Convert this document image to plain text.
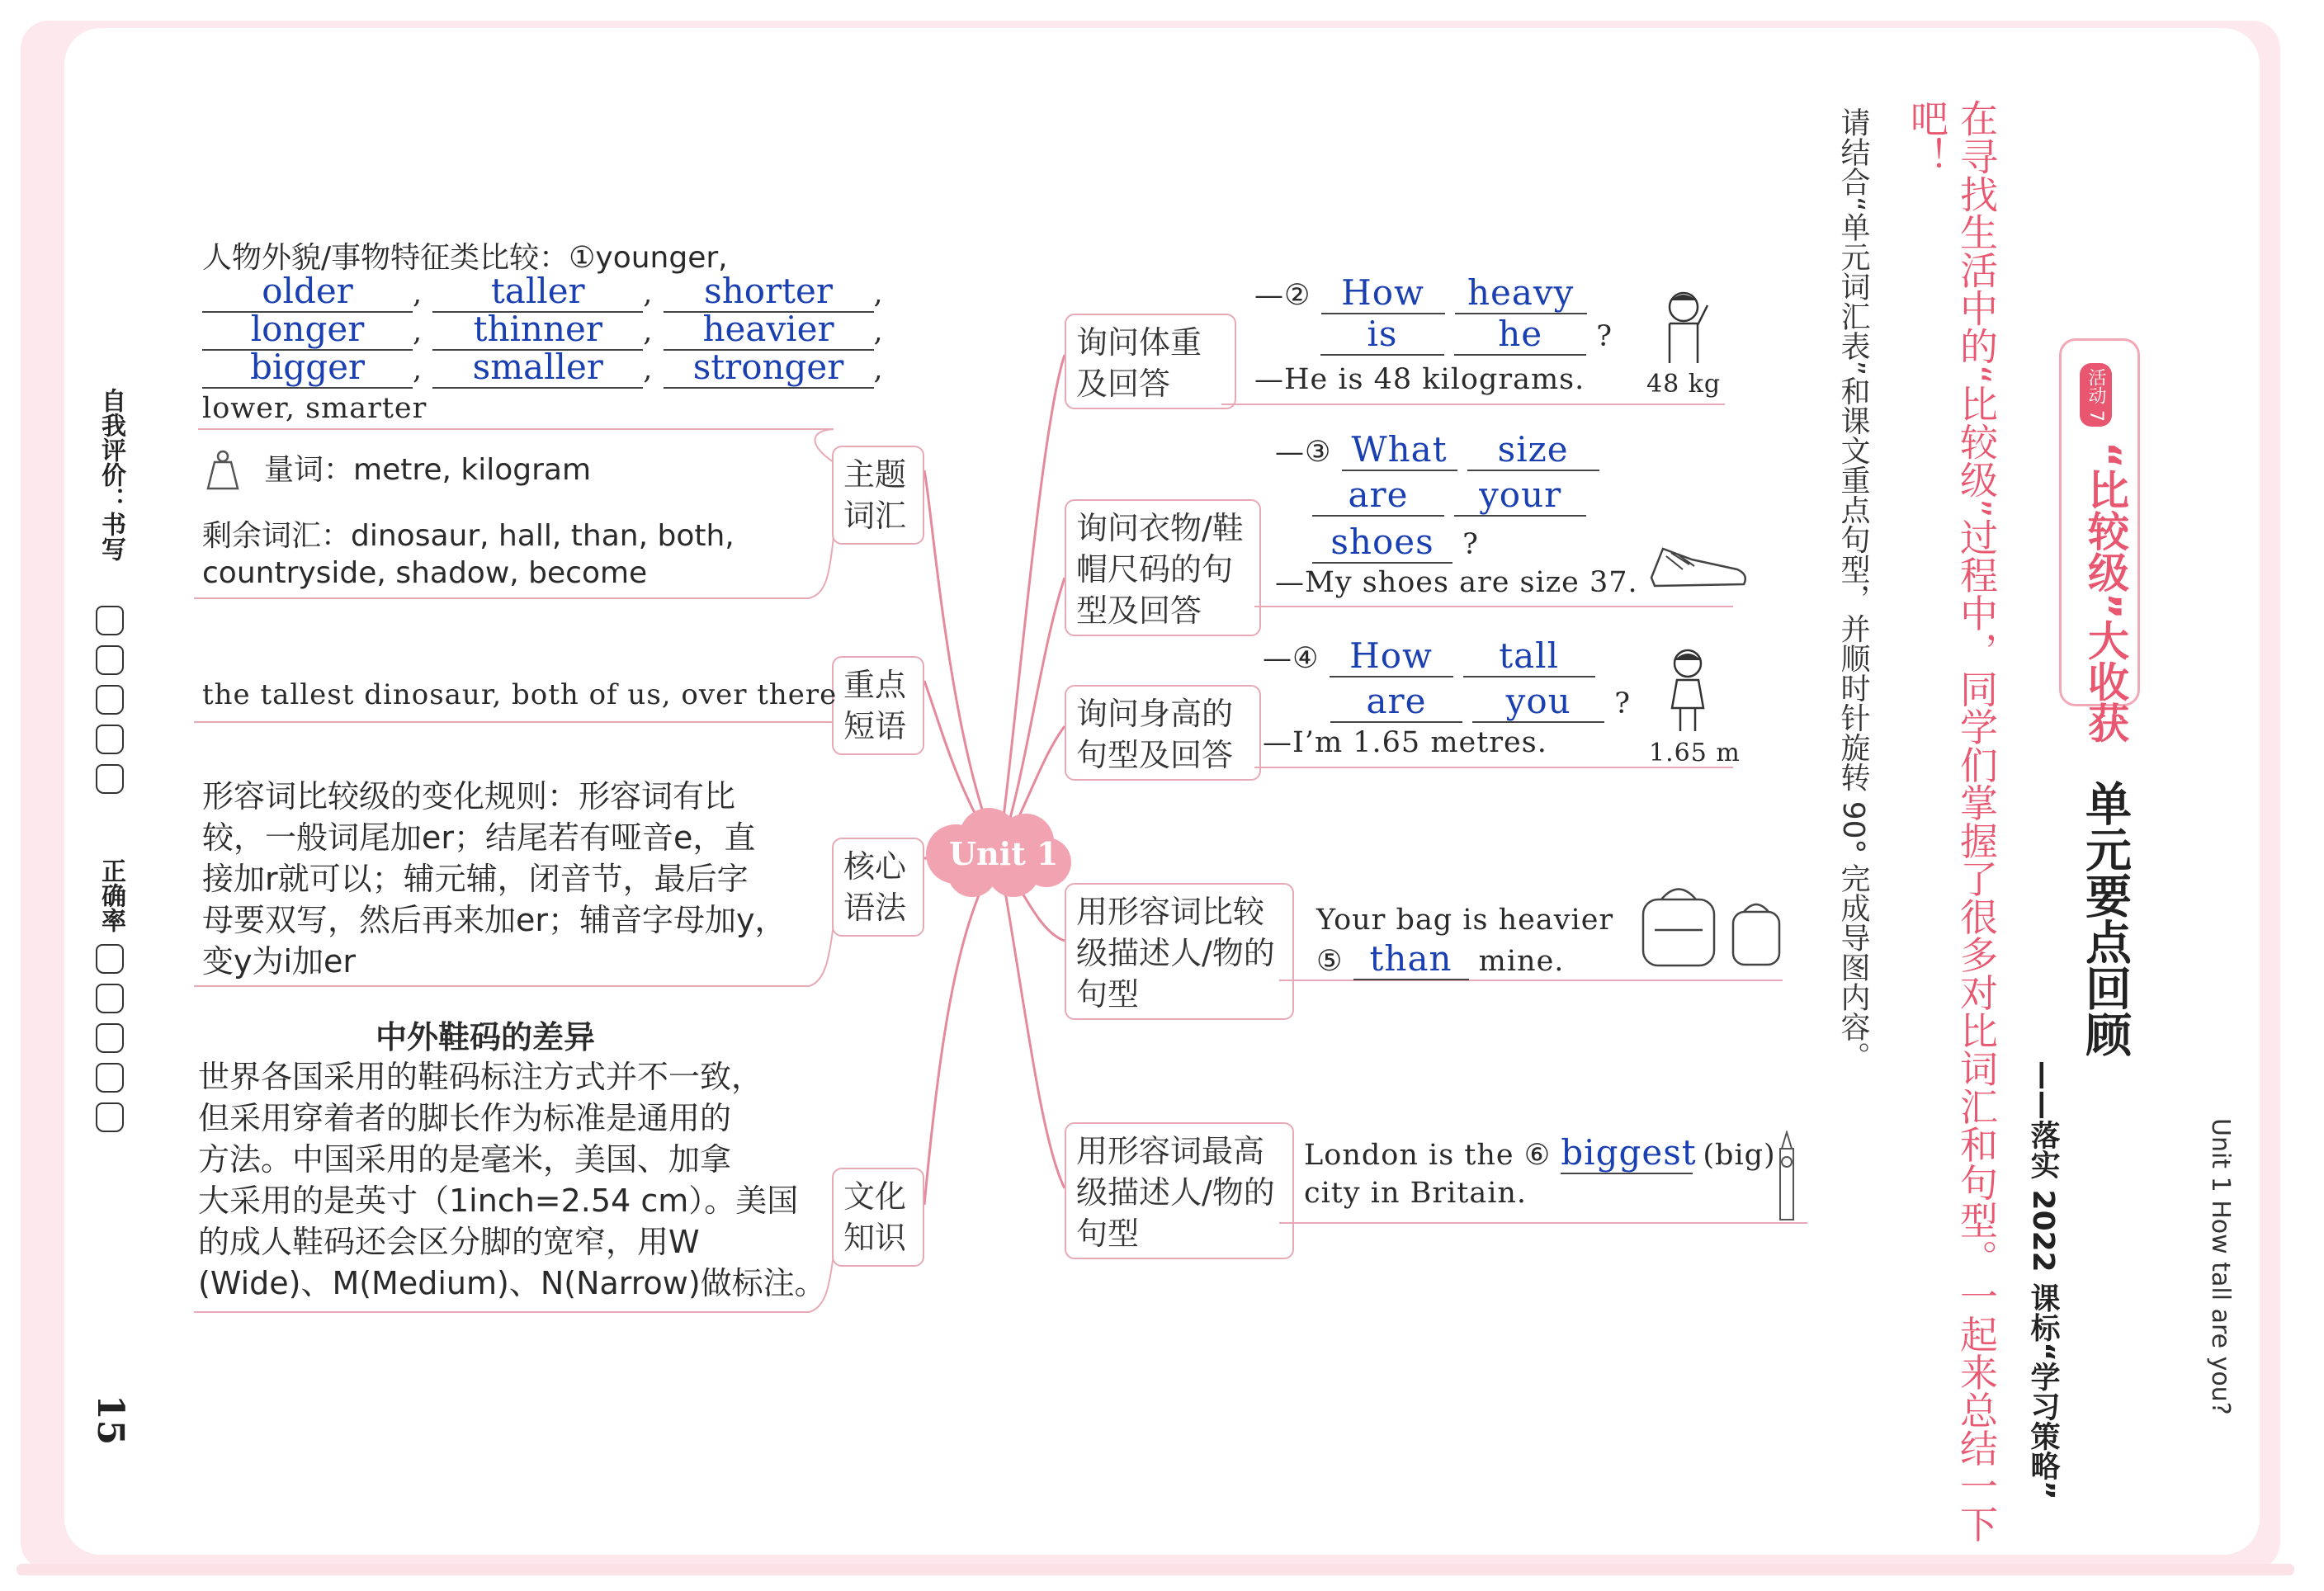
Unit 1
主题词汇
重点短语
核心语法
文化知识
人物外貌/事物特征类比较：①younger,
older , taller , shorter ,
longer , thinner , heavier ,
bigger , smaller , stronger ,
lower, smarter
量词：metre, kilogram
剩余词汇：dinosaur, hall, than, both,
countryside, shadow, become
the tallest dinosaur, both of us, over there
形容词比较级的变化规则：形容词有比
较，一般词尾加er；结尾若有哑音e，直
接加r就可以；辅元辅，闭音节，最后字
母要双写，然后再来加er；辅音字母加y，
变y为i加er
中外鞋码的差异
世界各国采用的鞋码标注方式并不一致，
但采用穿着者的脚长作为标准是通用的
方法。中国采用的是毫米，美国、加拿
大采用的是英寸（1inch=2.54 cm）。美国
的成人鞋码还会区分脚的宽窄，用W
(Wide)、M(Medium)、N(Narrow)做标注。
询问体重
及回答
询问衣物/鞋
帽尺码的句
型及回答
询问身高的
句型及回答
用形容词比较
级描述人/物的
句型
用形容词最高
级描述人/物的
句型
—② How heavy
is	he ?
—He is 48 kilograms. 48 kg
—③ What size
are your
shoes ?
—My shoes are size 37.
—④ How tall
are you ?
—I’m 1.65 metres.	1.65 m
Your bag is heavier
⑤ than mine.
London is the ⑥ biggest (big)
city in Britain.	Unit 1 How tall are you?
单元要点回顾
——落实 2022 课标“学习策略”
活动 7
“比较级”大收获
在寻找生活中的“比较级”过程中，同学们掌握了很多对比词汇和句型。一起来总结一下吧！
请结合“单元词汇表”和课文重点句型，并顺时针旋转 90° 完成导图内容。
自我评价：书写

正确率

15
